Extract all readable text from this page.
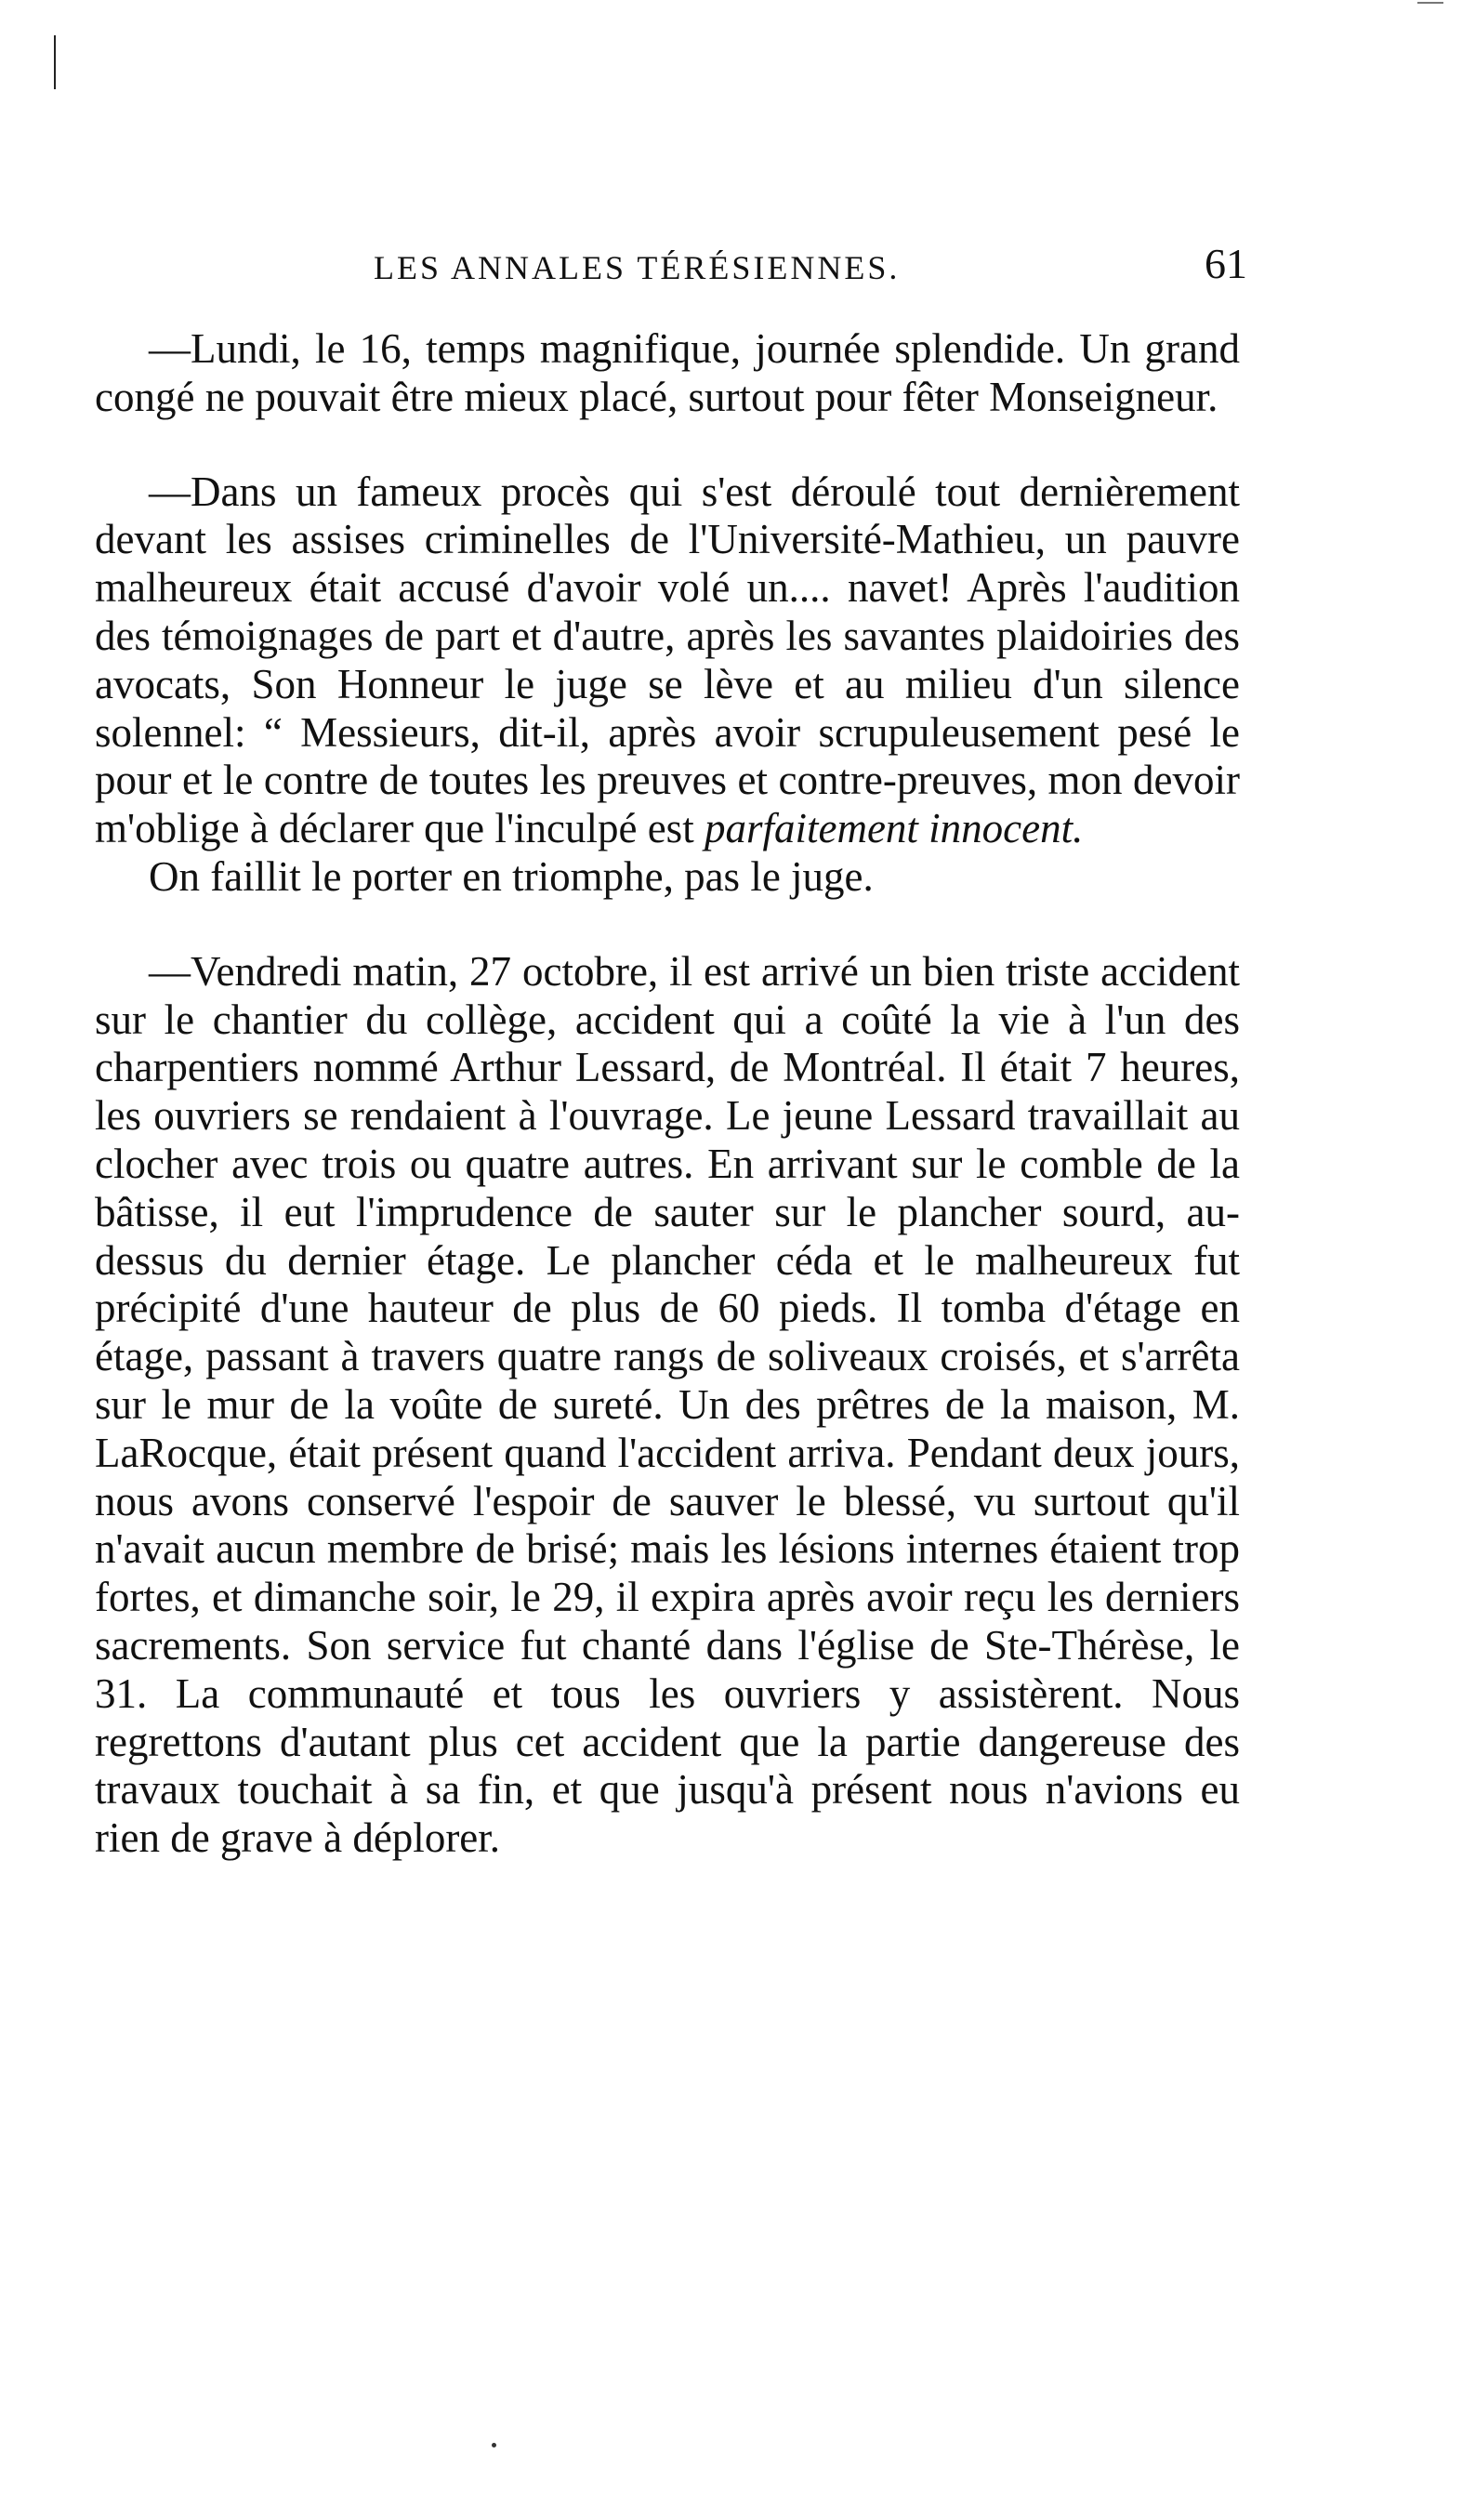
LES ANNALES TÉRÉSIENNES.	61

—Lundi, le 16, temps magnifique, journée splendide. Un grand congé ne pouvait être mieux placé, surtout pour fêter Monseigneur.

—Dans un fameux procès qui s'est déroulé tout dernièrement devant les assises criminelles de l'Université-Mathieu, un pauvre malheureux était accusé d'avoir volé un.... navet! Après l'audition des témoignages de part et d'autre, après les savantes plaidoiries des avocats, Son Honneur le juge se lève et au milieu d'un silence solennel: “ Messieurs, dit-il, après avoir scrupuleusement pesé le pour et le contre de toutes les preuves et contre-preuves, mon devoir m'oblige à déclarer que l'inculpé est parfaitement innocent.

On faillit le porter en triomphe, pas le juge.

—Vendredi matin, 27 octobre, il est arrivé un bien triste accident sur le chantier du collège, accident qui a coûté la vie à l'un des charpentiers nommé Arthur Lessard, de Montréal. Il était 7 heures, les ouvriers se rendaient à l'ouvrage. Le jeune Lessard travaillait au clocher avec trois ou quatre autres. En arrivant sur le comble de la bâtisse, il eut l'imprudence de sauter sur le plancher sourd, au-dessus du dernier étage. Le plancher céda et le malheureux fut précipité d'une hauteur de plus de 60 pieds. Il tomba d'étage en étage, passant à travers quatre rangs de soliveaux croisés, et s'arrêta sur le mur de la voûte de sureté. Un des prêtres de la maison, M. LaRocque, était présent quand l'accident arriva. Pendant deux jours, nous avons conservé l'espoir de sauver le blessé, vu surtout qu'il n'avait aucun membre de brisé; mais les lésions internes étaient trop fortes, et dimanche soir, le 29, il expira après avoir reçu les derniers sacrements. Son service fut chanté dans l'église de Ste-Thérèse, le 31. La communauté et tous les ouvriers y assistèrent. Nous regrettons d'autant plus cet accident que la partie dangereuse des travaux touchait à sa fin, et que jusqu'à présent nous n'avions eu rien de grave à déplorer.
